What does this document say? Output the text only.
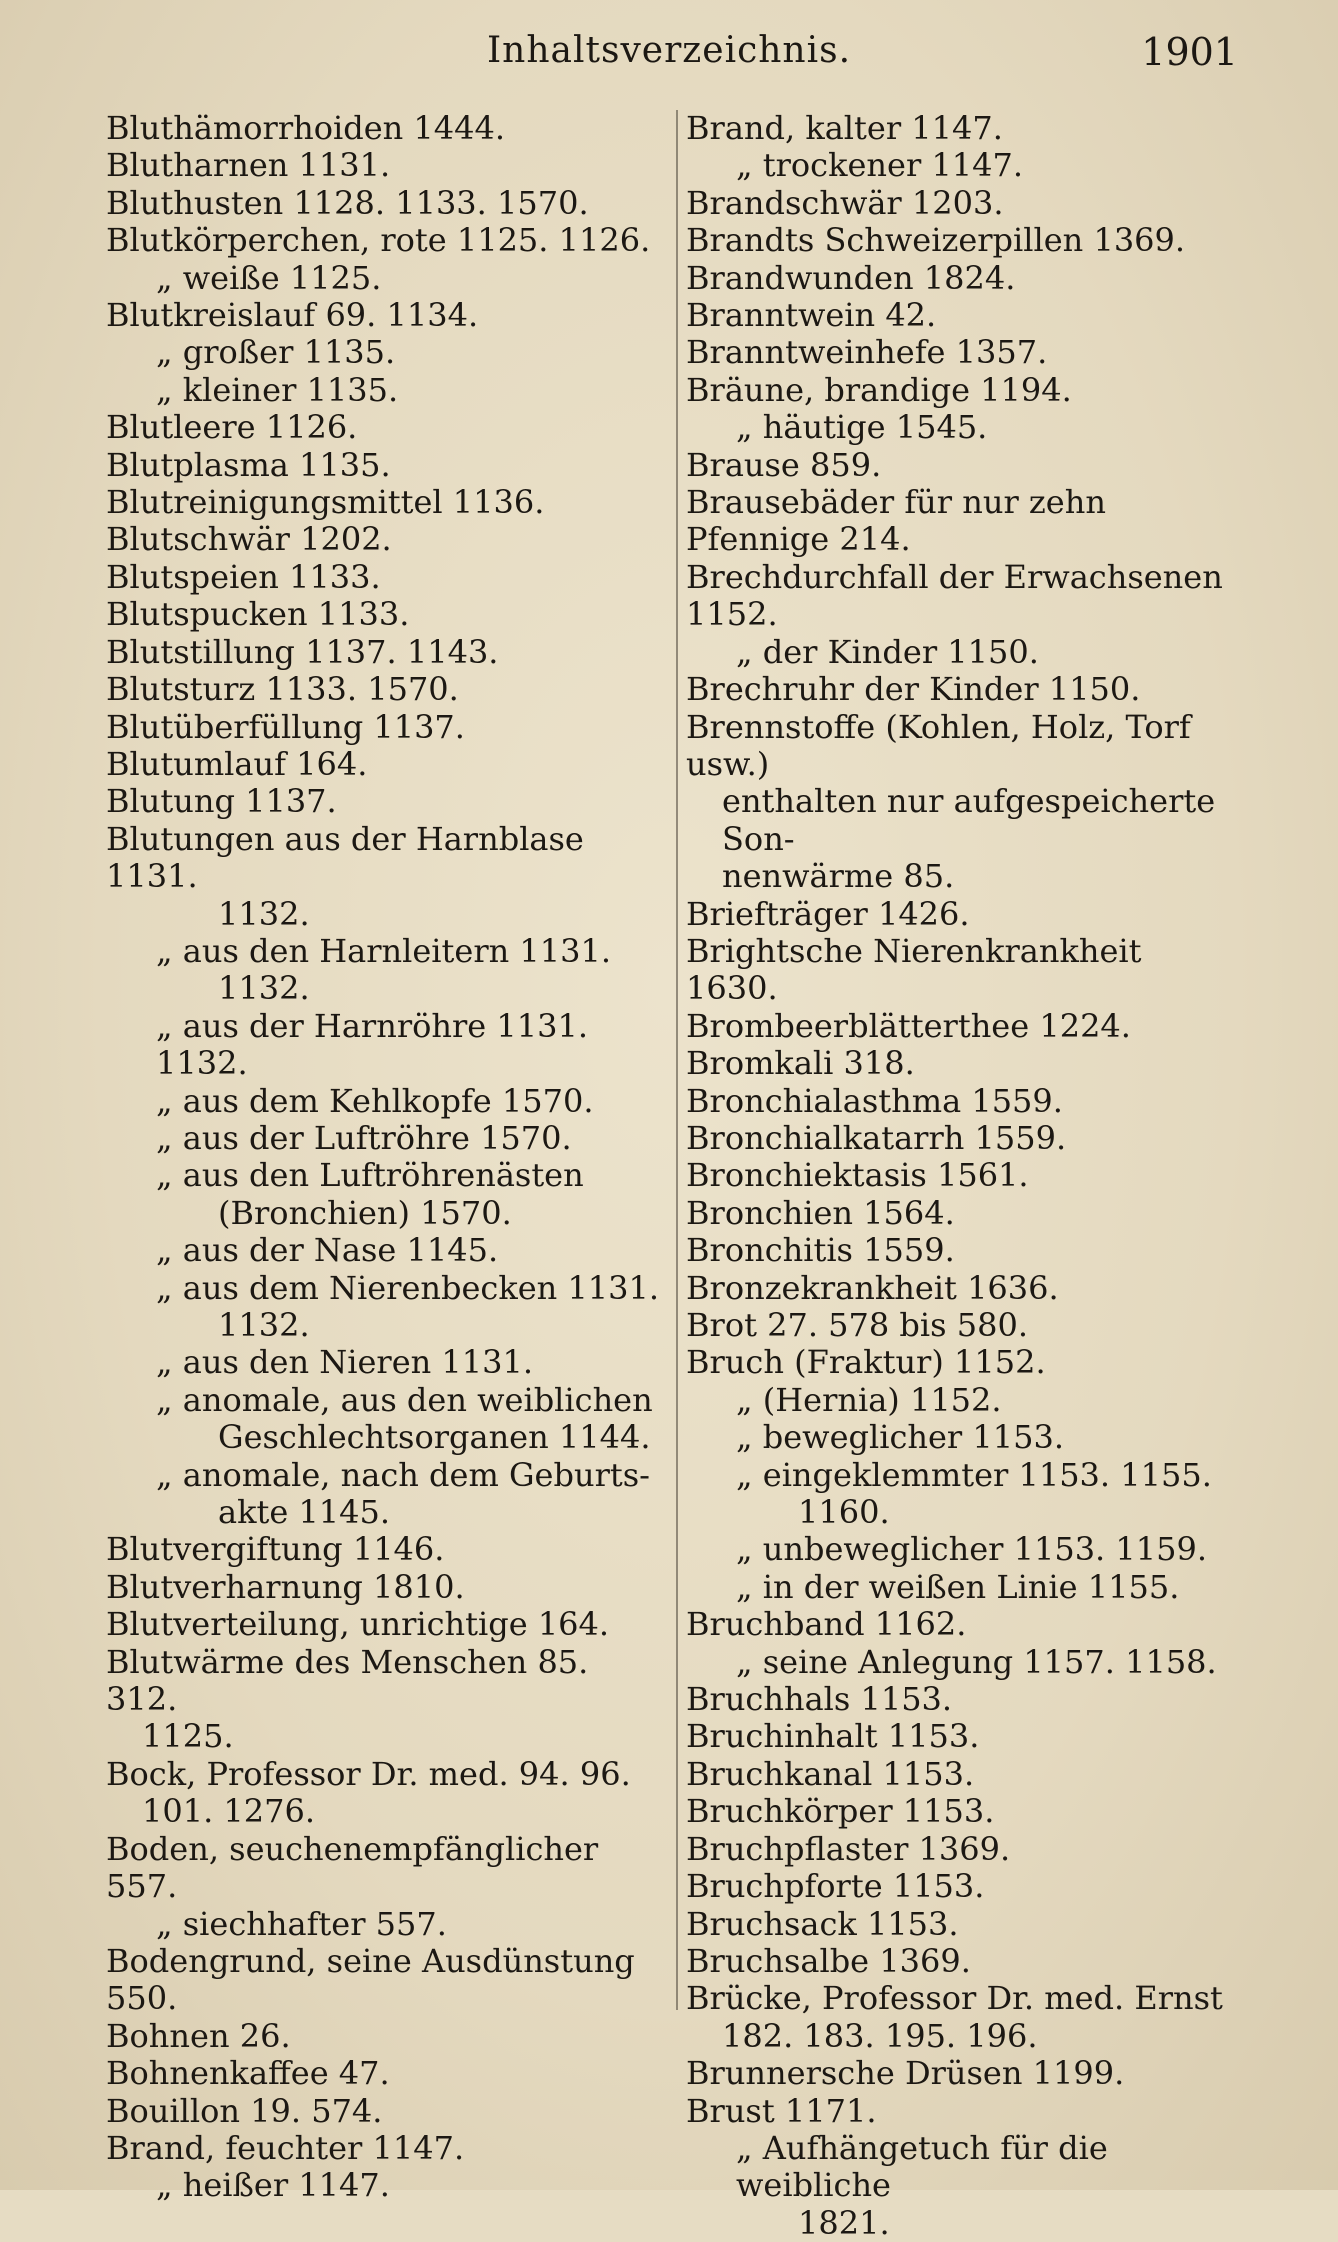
Inhaltsverzeichnis.	1901

Bluthämorrhoiden 1444.

Blutharnen 1131.

Bluthusten 1128. 1133. 1570.

Blutkörperchen, rote 1125. 1126.

„ weiße 1125.

Blutkreislauf 69. 1134.

„ großer 1135.

„ kleiner 1135.

Blutleere 1126.

Blutplasma 1135.

Blutreinigungsmittel 1136.

Blutschwär 1202.

Blutspeien 1133.

Blutspucken 1133.

Blutstillung 1137. 1143.

Blutsturz 1133. 1570.

Blutüberfüllung 1137.

Blutumlauf 164.

Blutung 1137.

Blutungen aus der Harnblase 1131.

1132.

„ aus den Harnleitern 1131.

1132.

„ aus der Harnröhre 1131. 1132.

„ aus dem Kehlkopfe 1570.

„ aus der Luftröhre 1570.

„ aus den Luftröhrenästen

(Bronchien) 1570.

„ aus der Nase 1145.

„ aus dem Nierenbecken 1131.

1132.

„ aus den Nieren 1131.

„ anomale, aus den weiblichen

Geschlechtsorganen 1144.

„ anomale, nach dem Geburts-

akte 1145.

Blutvergiftung 1146.

Blutverharnung 1810.

Blutverteilung, unrichtige 164.

Blutwärme des Menschen 85. 312.

1125.

Bock, Professor Dr. med. 94. 96.

101. 1276.

Boden, seuchenempfänglicher 557.

„ siechhafter 557.

Bodengrund, seine Ausdünstung 550.

Bohnen 26.

Bohnenkaffee 47.

Bouillon 19. 574.

Brand, feuchter 1147.

„ heißer 1147.

Brand, kalter 1147.

„ trockener 1147.

Brandschwär 1203.

Brandts Schweizerpillen 1369.

Brandwunden 1824.

Branntwein 42.

Branntweinhefe 1357.

Bräune, brandige 1194.

„ häutige 1545.

Brause 859.

Brausebäder für nur zehn Pfennige 214.

Brechdurchfall der Erwachsenen 1152.

„ der Kinder 1150.

Brechruhr der Kinder 1150.

Brennstoffe (Kohlen, Holz, Torf usw.)

enthalten nur aufgespeicherte Son-

nenwärme 85.

Briefträger 1426.

Brightsche Nierenkrankheit 1630.

Brombeerblätterthee 1224.

Bromkali 318.

Bronchialasthma 1559.

Bronchialkatarrh 1559.

Bronchiektasis 1561.

Bronchien 1564.

Bronchitis 1559.

Bronzekrankheit 1636.

Brot 27. 578 bis 580.

Bruch (Fraktur) 1152.

„ (Hernia) 1152.

„ beweglicher 1153.

„ eingeklemmter 1153. 1155.

1160.

„ unbeweglicher 1153. 1159.

„ in der weißen Linie 1155.

Bruchband 1162.

„ seine Anlegung 1157. 1158.

Bruchhals 1153.

Bruchinhalt 1153.

Bruchkanal 1153.

Bruchkörper 1153.

Bruchpflaster 1369.

Bruchpforte 1153.

Bruchsack 1153.

Bruchsalbe 1369.

Brücke, Professor Dr. med. Ernst

182. 183. 195. 196.

Brunnersche Drüsen 1199.

Brust 1171.

„ Aufhängetuch für die weibliche

1821.
